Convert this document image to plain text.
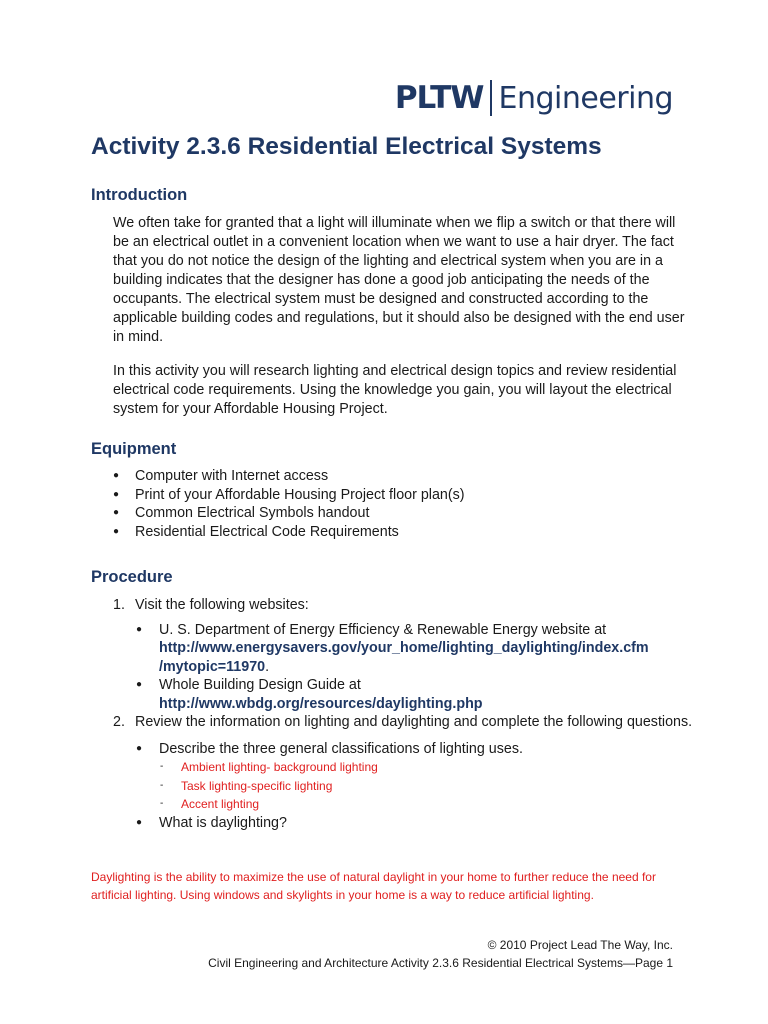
PLTW Engineering
Activity 2.3.6 Residential Electrical Systems
Introduction

We often take for granted that a light will illuminate when we flip a switch or that there will be an electrical outlet in a convenient location when we want to use a hair dryer. The fact that you do not notice the design of the lighting and electrical system when you are in a building indicates that the designer has done a good job anticipating the needs of the occupants. The electrical system must be designed and constructed according to the applicable building codes and regulations, but it should also be designed with the end user in mind.

In this activity you will research lighting and electrical design topics and review residential electrical code requirements. Using the knowledge you gain, you will layout the electrical system for your Affordable Housing Project.

Equipment
● Computer with Internet access
● Print of your Affordable Housing Project floor plan(s)
● Common Electrical Symbols handout
● Residential Electrical Code Requirements
Procedure
1. Visit the following websites:
● U. S. Department of Energy Efficiency & Renewable Energy website at
http://www.energysavers.gov/your_home/lighting_daylighting/index.cfm
/mytopic=11970.
● Whole Building Design Guide at
http://www.wbdg.org/resources/daylighting.php
2. Review the information on lighting and daylighting and complete the following questions.
● Describe the three general classifications of lighting uses.
- Ambient lighting- background lighting
- Task lighting-specific lighting
- Accent lighting
● What is daylighting?

Daylighting is the ability to maximize the use of natural daylight in your home to further reduce the need for artificial lighting. Using windows and skylights in your home is a way to reduce artificial lighting.

© 2010 Project Lead The Way, Inc.
Civil Engineering and Architecture Activity 2.3.6 Residential Electrical Systems—Page 1
